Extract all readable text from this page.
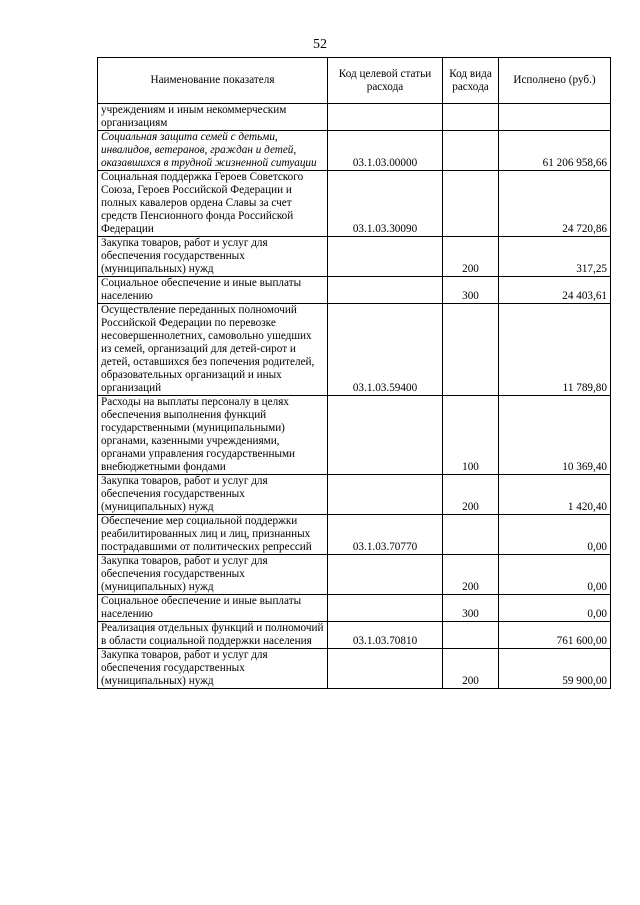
52
Наименование показателя	Код целевой статьи расхода	Код вида расхода	Исполнено (руб.)
учреждениям и иным некоммерческим организациям			
Социальная защита семей с детьми, инвалидов, ветеранов, граждан и детей, оказавшихся в трудной жизненной ситуации	03.1.03.00000		61 206 958,66
Социальная поддержка Героев Советского Союза, Героев Российской Федерации и полных кавалеров ордена Славы за счет средств Пенсионного фонда Российской Федерации	03.1.03.30090		24 720,86
Закупка товаров, работ и услуг для обеспечения государственных (муниципальных) нужд		200	317,25
Социальное обеспечение и иные выплаты населению		300	24 403,61
Осуществление переданных полномочий Российской Федерации по перевозке несовершеннолетних, самовольно ушедших из семей, организаций для детей-сирот и детей, оставшихся без попечения родителей, образовательных организаций и иных организаций	03.1.03.59400		11 789,80
Расходы на выплаты персоналу в целях обеспечения выполнения функций государственными (муниципальными) органами, казенными учреждениями, органами управления государственными внебюджетными фондами		100	10 369,40
Закупка товаров, работ и услуг для обеспечения государственных (муниципальных) нужд		200	1 420,40
Обеспечение мер социальной поддержки реабилитированных лиц и лиц, признанных пострадавшими от политических репрессий	03.1.03.70770		0,00
Закупка товаров, работ и услуг для обеспечения государственных (муниципальных) нужд		200	0,00
Социальное обеспечение и иные выплаты населению		300	0,00
Реализация отдельных функций и полномочий в области социальной поддержки населения	03.1.03.70810		761 600,00
Закупка товаров, работ и услуг для обеспечения государственных (муниципальных) нужд		200	59 900,00
